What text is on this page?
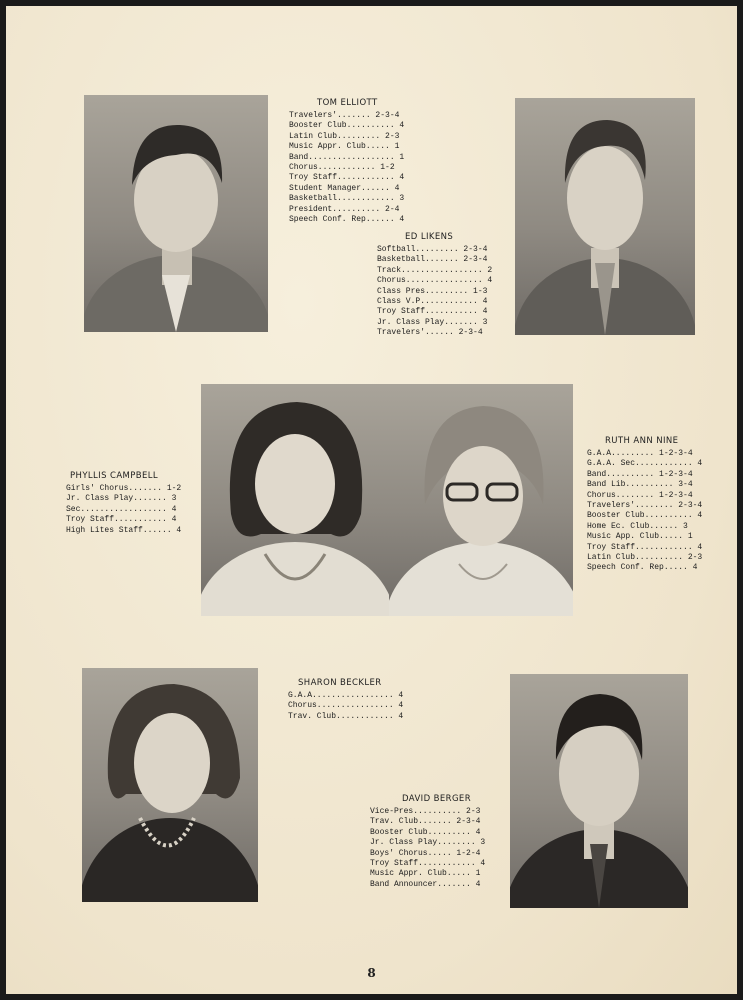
TOM ELLIOTT
Travelers'....... 2-3-4
Booster Club.......... 4
Latin Club......... 2-3
Music Appr. Club..... 1
Band.................. 1
Chorus............ 1-2
Troy Staff............ 4
Student Manager...... 4
Basketball............ 3
President.......... 2-4
Speech Conf. Rep...... 4
ED LIKENS
Softball......... 2-3-4
Basketball....... 2-3-4
Track................. 2
Chorus................ 4
Class Pres......... 1-3
Class V.P............ 4
Troy Staff........... 4
Jr. Class Play....... 3
Travelers'...... 2-3-4
PHYLLIS CAMPBELL
Girls' Chorus....... 1-2
Jr. Class Play....... 3
Sec.................. 4
Troy Staff........... 4
High Lites Staff...... 4
RUTH ANN NINE
G.A.A......... 1-2-3-4
G.A.A. Sec............ 4
Band.......... 1-2-3-4
Band Lib.......... 3-4
Chorus........ 1-2-3-4
Travelers'........ 2-3-4
Booster Club.......... 4
Home Ec. Club...... 3
Music App. Club..... 1
Troy Staff............ 4
Latin Club.......... 2-3
Speech Conf. Rep..... 4
SHARON BECKLER
G.A.A................. 4
Chorus................ 4
Trav. Club............ 4
DAVID BERGER
Vice-Pres.......... 2-3
Trav. Club....... 2-3-4
Booster Club......... 4
Jr. Class Play........ 3
Boys' Chorus..... 1-2-4
Troy Staff............ 4
Music Appr. Club..... 1
Band Announcer....... 4
8
